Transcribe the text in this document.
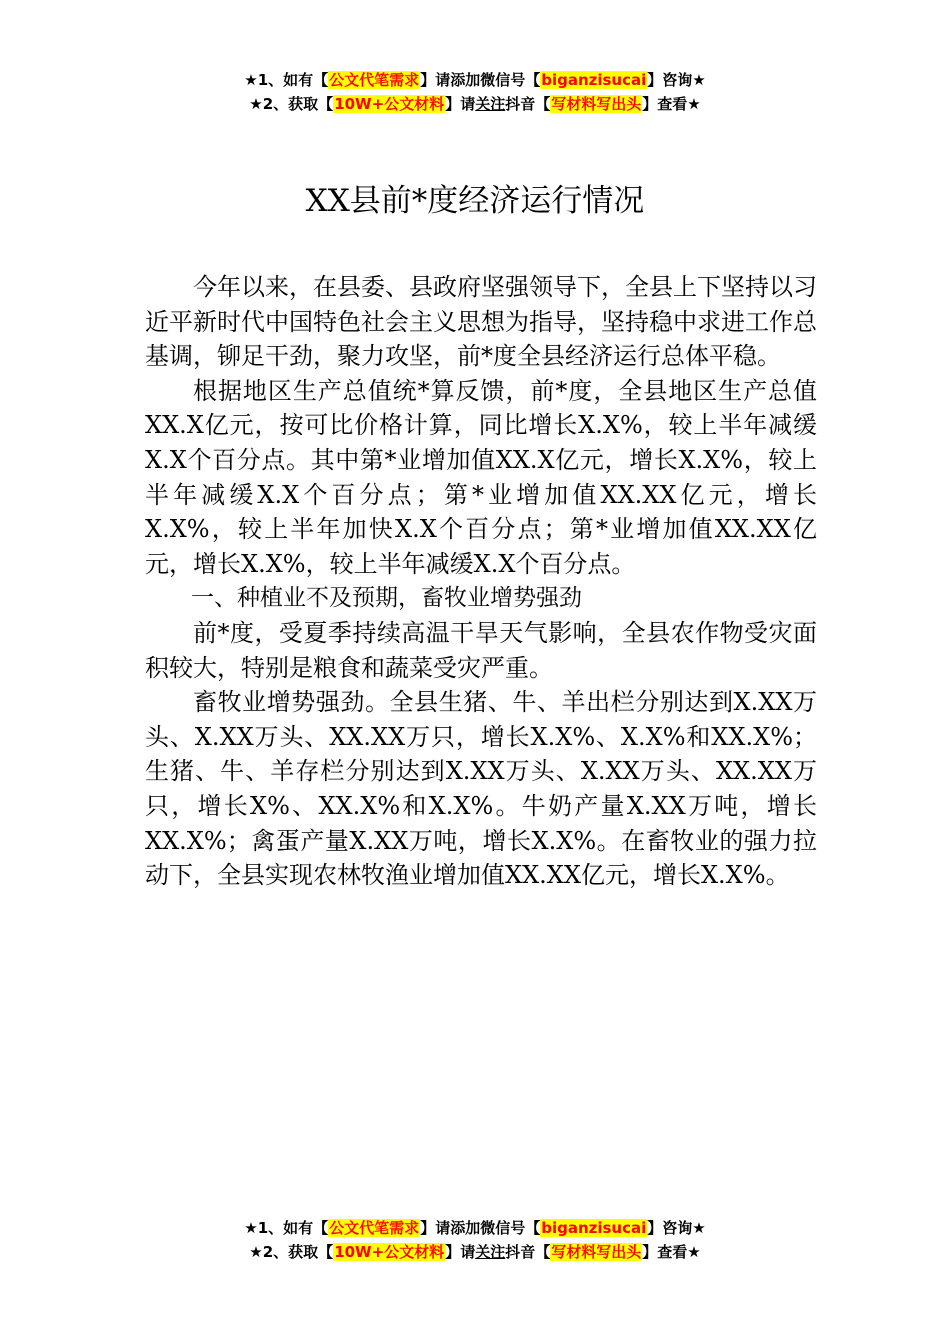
★1、如有【公文代笔需求】请添加微信号【biganzisucai】咨询★
★2、获取【10W+公文材料】请关注抖音【写材料写出头】查看★
XX县前*度经济运行情况

今年以来，在县委、县政府坚强领导下，全县上下坚持以习近平新时代中国特色社会主义思想为指导，坚持稳中求进工作总基调，铆足干劲，聚力攻坚，前*度全县经济运行总体平稳。

根据地区生产总值统*算反馈，前*度，全县地区生产总值XX.X亿元，按可比价格计算，同比增长X.X%，较上半年减缓X.X个百分点。其中第*业增加值XX.X亿元，增长X.X%，较上半年减缓X.X个百分点；第*业增加值XX.XX亿元，增长X.X%，较上半年加快X.X个百分点；第*业增加值XX.XX亿元，增长X.X%，较上半年减缓X.X个百分点。

一、种植业不及预期，畜牧业增势强劲

前*度，受夏季持续高温干旱天气影响，全县农作物受灾面积较大，特别是粮食和蔬菜受灾严重。

畜牧业增势强劲。全县生猪、牛、羊出栏分别达到X.XX万头、X.XX万头、XX.XX万只，增长X.X%、X.X%和XX.X%；生猪、牛、羊存栏分别达到X.XX万头、X.XX万头、XX.XX万只，增长X%、XX.X%和X.X%。牛奶产量X.XX万吨，增长XX.X%；禽蛋产量X.XX万吨，增长X.X%。在畜牧业的强力拉动下，全县实现农林牧渔业增加值XX.XX亿元，增长X.X%。

★1、如有【公文代笔需求】请添加微信号【biganzisucai】咨询★
★2、获取【10W+公文材料】请关注抖音【写材料写出头】查看★
